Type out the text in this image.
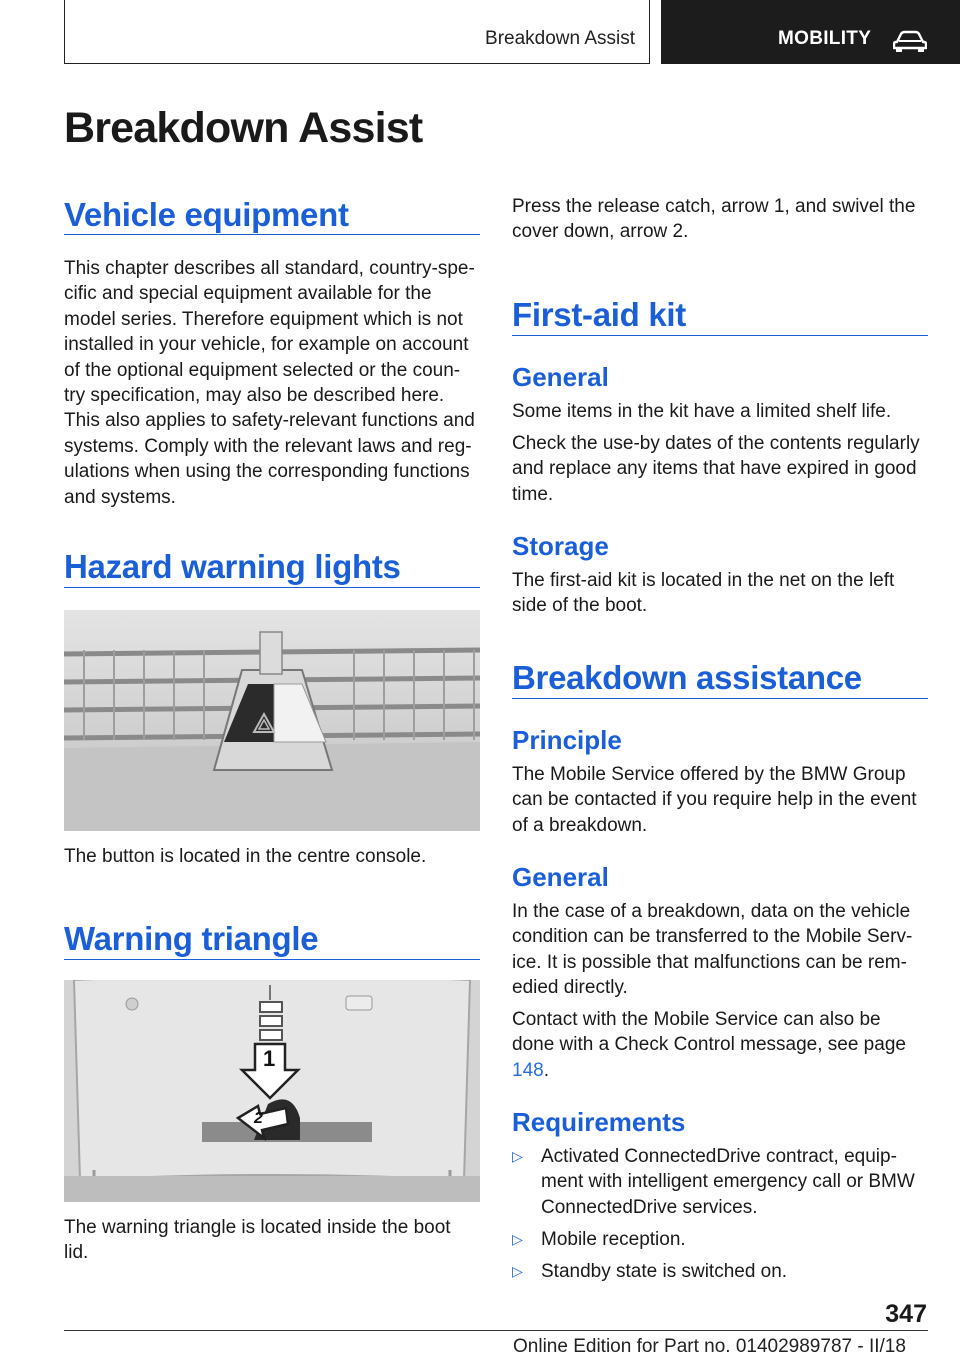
Breakdown Assist	MOBILITY
Breakdown Assist
Vehicle equipment

This chapter describes all standard, country-spe-cific and special equipment available for the model series. Therefore equipment which is not installed in your vehicle, for example on account of the optional equipment selected or the coun-try specification, may also be described here. This also applies to safety-relevant functions and systems. Comply with the relevant laws and reg-ulations when using the corresponding functions and systems.

Hazard warning lights

The button is located in the centre console.

Warning triangle
1
2

The warning triangle is located inside the boot lid.

Press the release catch, arrow 1, and swivel the cover down, arrow 2.

First-aid kit
General

Some items in the kit have a limited shelf life.

Check the use-by dates of the contents regularly and replace any items that have expired in good time.

Storage

The first-aid kit is located in the net on the left side of the boot.

Breakdown assistance
Principle

The Mobile Service offered by the BMW Group can be contacted if you require help in the event of a breakdown.

General

In the case of a breakdown, data on the vehicle condition can be transferred to the Mobile Serv-ice. It is possible that malfunctions can be rem-edied directly.

Contact with the Mobile Service can also be done with a Check Control message, see page 148.

Requirements
▷ Activated ConnectedDrive contract, equip-ment with intelligent emergency call or BMW ConnectedDrive services.

▷ Mobile reception.

▷ Standby state is switched on.

347
Online Edition for Part no. 01402989787 - II/18
